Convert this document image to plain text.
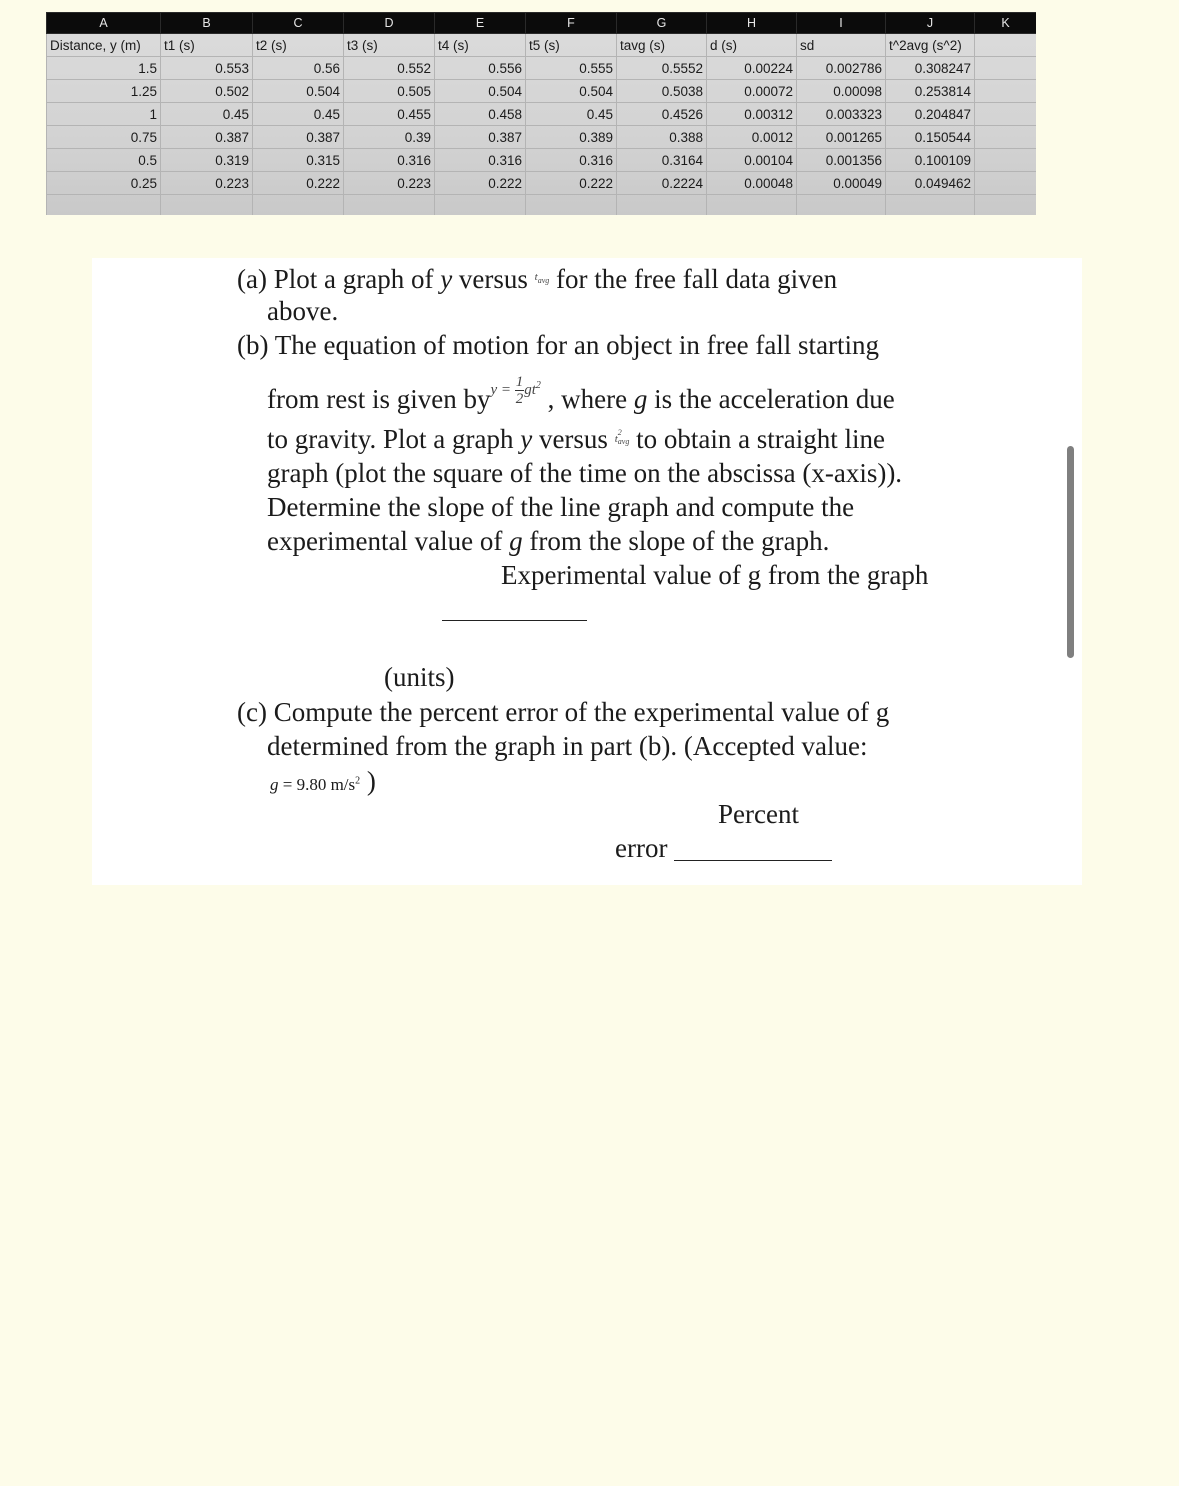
A	B	C	D	E	F	G	H	I	J	K
Distance, y (m)	t1 (s)	t2 (s)	t3 (s)	t4 (s)	t5 (s)	tavg (s)	d (s)	sd	t^2avg (s^2)	
1.5	0.553	0.56	0.552	0.556	0.555	0.5552	0.00224	0.002786	0.308247	
1.25	0.502	0.504	0.505	0.504	0.504	0.5038	0.00072	0.00098	0.253814	
1	0.45	0.45	0.455	0.458	0.45	0.4526	0.00312	0.003323	0.204847	
0.75	0.387	0.387	0.39	0.387	0.389	0.388	0.0012	0.001265	0.150544	
0.5	0.319	0.315	0.316	0.316	0.316	0.3164	0.00104	0.001356	0.100109	
0.25	0.223	0.222	0.223	0.222	0.222	0.2224	0.00048	0.00049	0.049462	

(a) Plot a graph of y versus $^{t_{avg}}$ for the free fall data given
above.
(b) The equation of motion for an object in free fall starting
from rest is given $by^{y = \frac{1}{2} gt^2}$ , where g is the acceleration due
to gravity. Plot a graph y versus $^{t 2 avg}$ to obtain a straight line
graph (plot the square of the time on the abscissa (x-axis)).
Determine the slope of the line graph and compute the
experimental value of g from the slope of the graph.
Experimental value of g from the graph
(units)
(c) Compute the percent error of the experimental value of g
determined from the graph in part (b). (Accepted value:
g = 9.80 $m/s^2$ )
Percent
error
